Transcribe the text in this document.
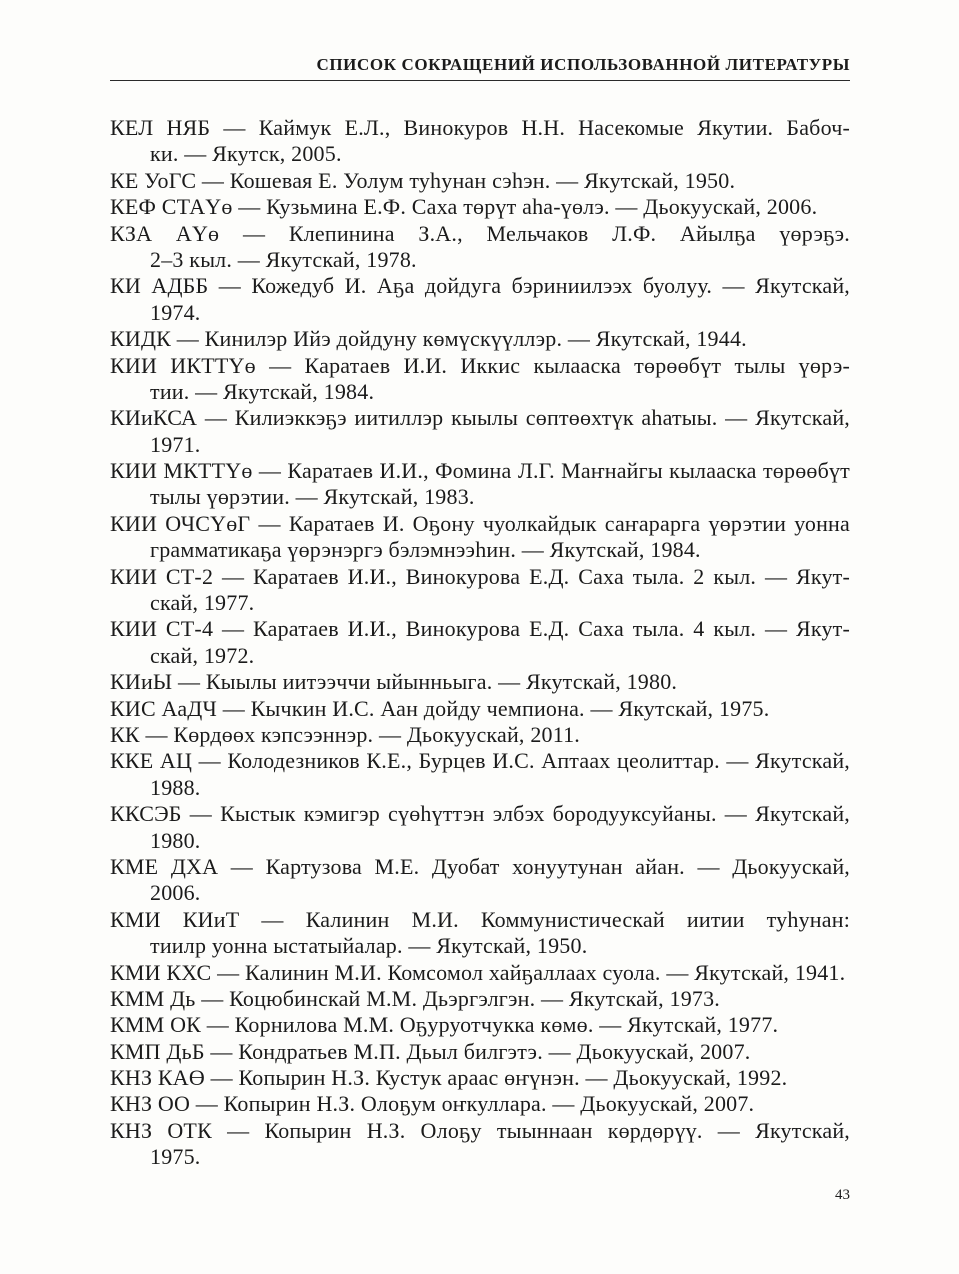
СПИСОК СОКРАЩЕНИЙ ИСПОЛЬЗОВАННОЙ ЛИТЕРАТУРЫ
КЕЛ НЯБ — Каймук Е.Л., Винокуров Н.Н. Насекомые Якутии. Бабоч-
ки. — Якутск, 2005.
КЕ УоГС — Кошевая Е. Уолум туһунан сэһэн. — Якутскай, 1950.
КЕФ СТАҮө — Кузьмина Е.Ф. Саха төрүт аһа-үөлэ. — Дьокуускай, 2006.
КЗА АҮө — Клепинина З.А., Мельчаков Л.Ф. Айылҕа үөрэҕэ.
2–3 кыл. — Якутскай, 1978.
КИ АДББ — Кожедуб И. Аҕа дойдуга бэриниилээх буолуу. — Якутскай,
1974.
КИДК — Кинилэр Ийэ дойдуну көмүскүүллэр. — Якутскай, 1944.
КИИ ИКТТҮө — Каратаев И.И. Иккис кылааска төрөөбүт тылы үөрэ-
тии. — Якутскай, 1984.
КИиКСА — Килиэккэҕэ иитиллэр кыылы сөптөөхтүк аһатыы. — Якутскай,
1971.
КИИ МКТТҮө — Каратаев И.И., Фомина Л.Г. Маҥнайгы кылааска төрөөбүт
тылы үөрэтии. — Якутскай, 1983.
КИИ ОЧСҮөГ — Каратаев И. Оҕону чуолкайдык саҥарарга үөрэтии уонна
грамматикаҕа үөрэнэргэ бэлэмнээһин. — Якутскай, 1984.
КИИ СТ-2 — Каратаев И.И., Винокурова Е.Д. Саха тыла. 2 кыл. — Якут-
скай, 1977.
КИИ СТ-4 — Каратаев И.И., Винокурова Е.Д. Саха тыла. 4 кыл. — Якут-
скай, 1972.
КИиЫ — Кыылы иитээччи ыйынньыга. — Якутскай, 1980.
КИС АаДЧ — Кычкин И.С. Аан дойду чемпиона. — Якутскай, 1975.
КК — Көрдөөх кэпсээннэр. — Дьокуускай, 2011.
ККЕ АЦ — Колодезников К.Е., Бурцев И.С. Аптаах цеолиттар. — Якутскай,
1988.
ККСЭБ — Кыстык кэмигэр сүөһүттэн элбэх бородууксуйаны. — Якутскай,
1980.
КМЕ ДХА — Картузова М.Е. Дуобат хонуутунан айан. — Дьокуускай,
2006.
КМИ КИиТ — Калинин М.И. Коммунистическай иитии туһунан:
тиилр уонна ыстатыйалар. — Якутскай, 1950.
КМИ КХС — Калинин М.И. Комсомол хайҕаллаах суола. — Якутскай, 1941.
КММ Дь — Коцюбинскай М.М. Дьэргэлгэн. — Якутскай, 1973.
КММ ОК — Корнилова М.М. Оҕуруотчукка көмө. — Якутскай, 1977.
КМП ДьБ — Кондратьев М.П. Дьыл билгэтэ. — Дьокуускай, 2007.
КНЗ КАӨ — Копырин Н.З. Кустук араас өҥүнэн. — Дьокуускай, 1992.
КНЗ ОО — Копырин Н.З. Олоҕум оҥкуллара. — Дьокуускай, 2007.
КНЗ ОТК — Копырин Н.З. Олоҕу тыыннаан көрдөрүү. — Якутскай,
1975.
43
